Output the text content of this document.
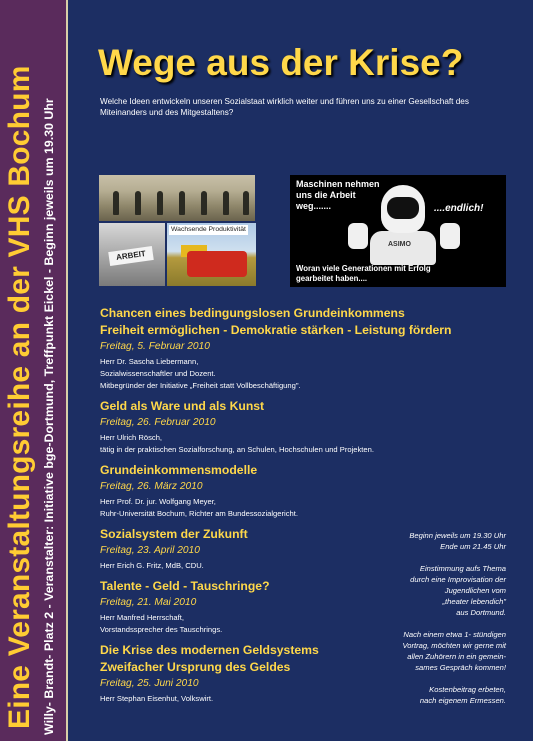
Eine Veranstaltungsreihe an der VHS Bochum Willy- Brandt- Platz 2 - Veranstalter: Initiative bge-Dortmund, Treffpunkt Eickel - Beginn jeweils um 19.30 Uhr
Wege aus der Krise?
Welche Ideen entwickeln unseren Sozialstaat wirklich weiter und führen uns zu einer Gesellschaft des Miteinanders und des Mitgestaltens?
ARBEIT
Wachsende Produktivität
ASIMO
Maschinen nehmen uns die Arbeit weg.......	....endlich!
Woran viele Generationen mit Erfolg gearbeitet haben....
Chancen eines bedingungslosen Grundeinkommens
Freiheit ermöglichen - Demokratie stärken - Leistung fördern
Freitag, 5. Februar 2010
Herr Dr. Sascha Liebermann,
Sozialwissenschaftler und Dozent.
Mitbegründer der Initiative „Freiheit statt Vollbeschäftigung".
Geld als Ware und als Kunst
Freitag, 26. Februar 2010
Herr Ulrich Rösch,
tätig in der praktischen Sozialforschung, an Schulen, Hochschulen und Projekten.
Grundeinkommensmodelle
Freitag, 26. März 2010
Herr Prof. Dr. jur. Wolfgang Meyer,
Ruhr-Universität Bochum, Richter am Bundessozialgericht.
Sozialsystem der Zukunft
Freitag, 23. April 2010
Herr Erich G. Fritz, MdB, CDU.
Talente - Geld - Tauschringe?
Freitag, 21. Mai 2010
Herr Manfred Herrschaft,
Vorstandssprecher des Tauschrings.
Die Krise des modernen Geldsystems
Zweifacher Ursprung des Geldes
Freitag, 25. Juni 2010
Herr Stephan Eisenhut, Volkswirt.

Beginn jeweils um 19.30 Uhr
Ende um 21.45 Uhr

Einstimmung aufs Thema
durch eine Improvisation der
Jugendlichen vom
„theater lebendich"
aus Dortmund.

Nach einem etwa 1- stündigen
Vortrag, möchten wir gerne mit
allen Zuhörern in ein gemein-
sames Gespräch kommen!

Kostenbeitrag erbeten,
nach eigenem Ermessen.
